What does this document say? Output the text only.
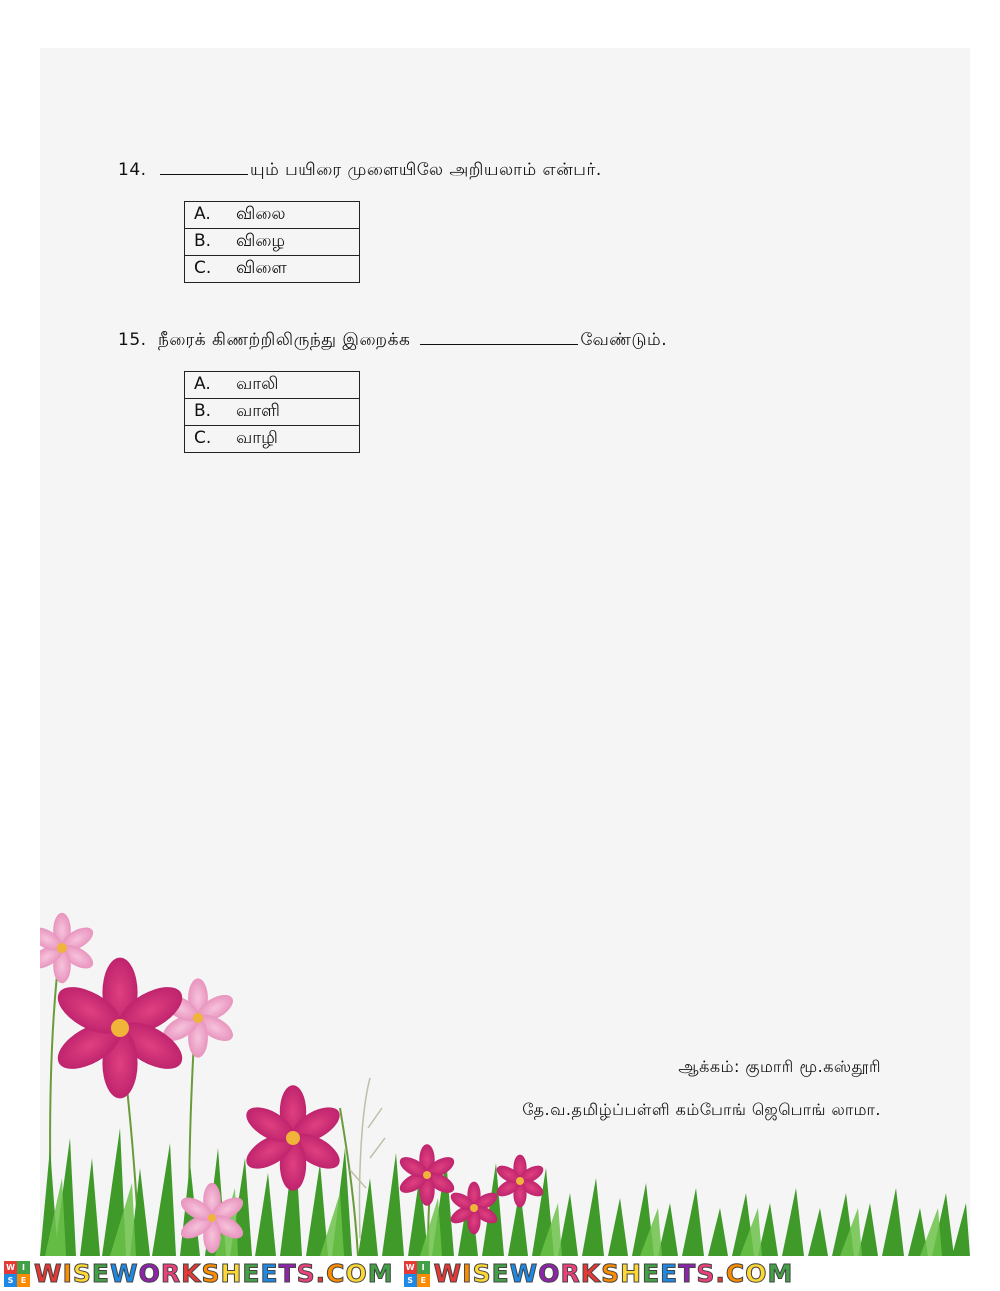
14.	யும் பயிரை முளையிலே அறியலாம் என்பர்.
A. விலை
B. விழை
C. விளை
15. நீரைக் கிணற்றிலிருந்து இறைக்க	வேண்டும்.
A. வாலி
B. வாளி
C. வாழி
ஆக்கம்: குமாரி மூ.கஸ்தூரி
தே.வ.தமிழ்ப்பள்ளி கம்போங் ஜெபொங் லாமா.
W I
S E WISEWORKSHEETS.COM W I
S E WISEWORKSHEETS.COM
